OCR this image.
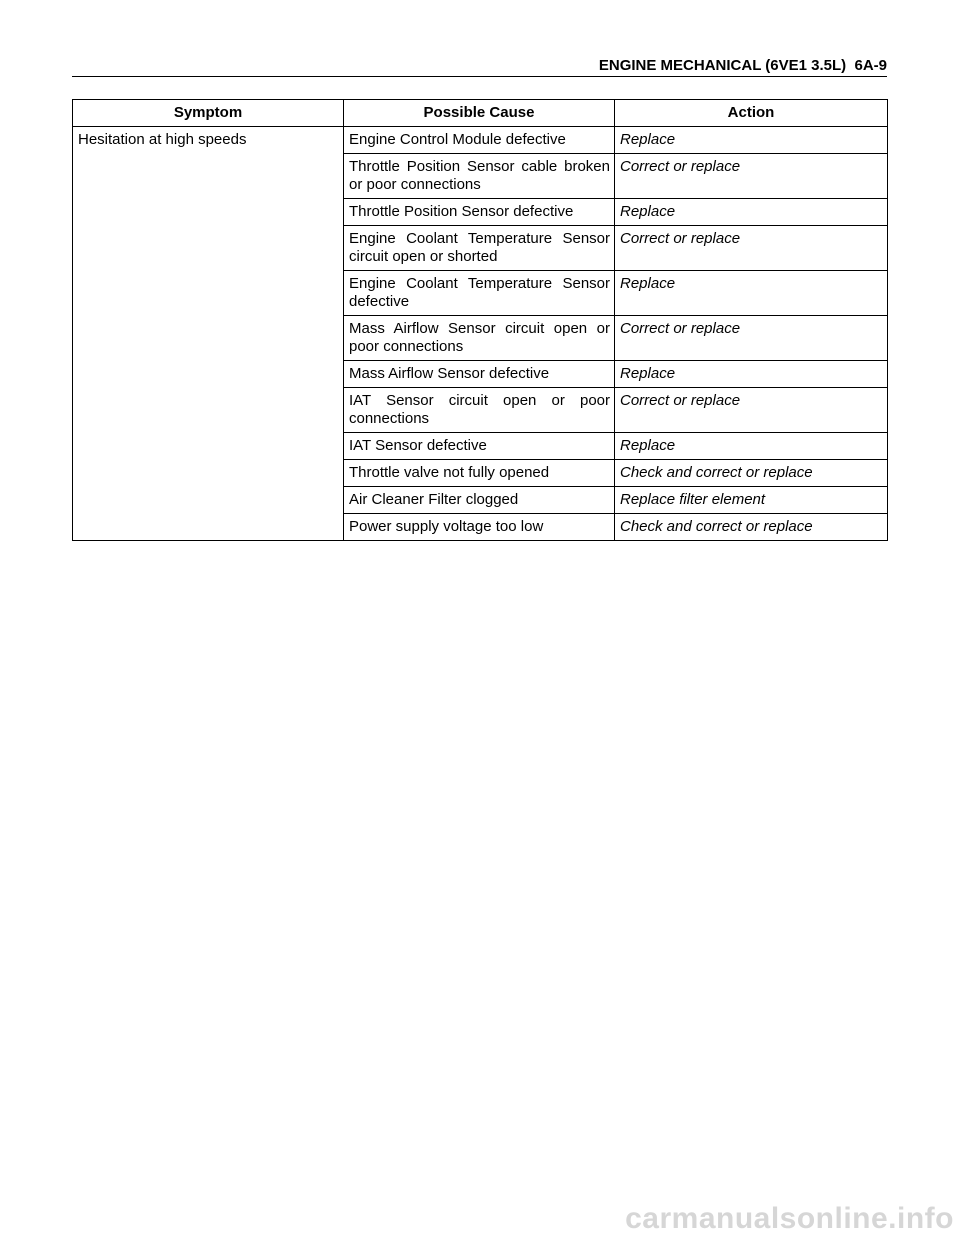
ENGINE MECHANICAL (6VE1 3.5L)  6A-9
Symptom	Possible Cause	Action
Hesitation at high speeds	Engine Control Module defective	Replace
	Throttle Position Sensor cable broken or poor connections	Correct or replace
	Throttle Position Sensor defective	Replace
	Engine Coolant Temperature Sensor circuit open or shorted	Correct or replace
	Engine Coolant Temperature Sensor defective	Replace
	Mass Airflow Sensor circuit open or poor connections	Correct or replace
	Mass Airflow Sensor defective	Replace
	IAT Sensor circuit open or poor connections	Correct or replace
	IAT Sensor defective	Replace
	Throttle valve not fully opened	Check and correct or replace
	Air Cleaner Filter clogged	Replace filter element
	Power supply voltage too low	Check and correct or replace
carmanualsonline.info
